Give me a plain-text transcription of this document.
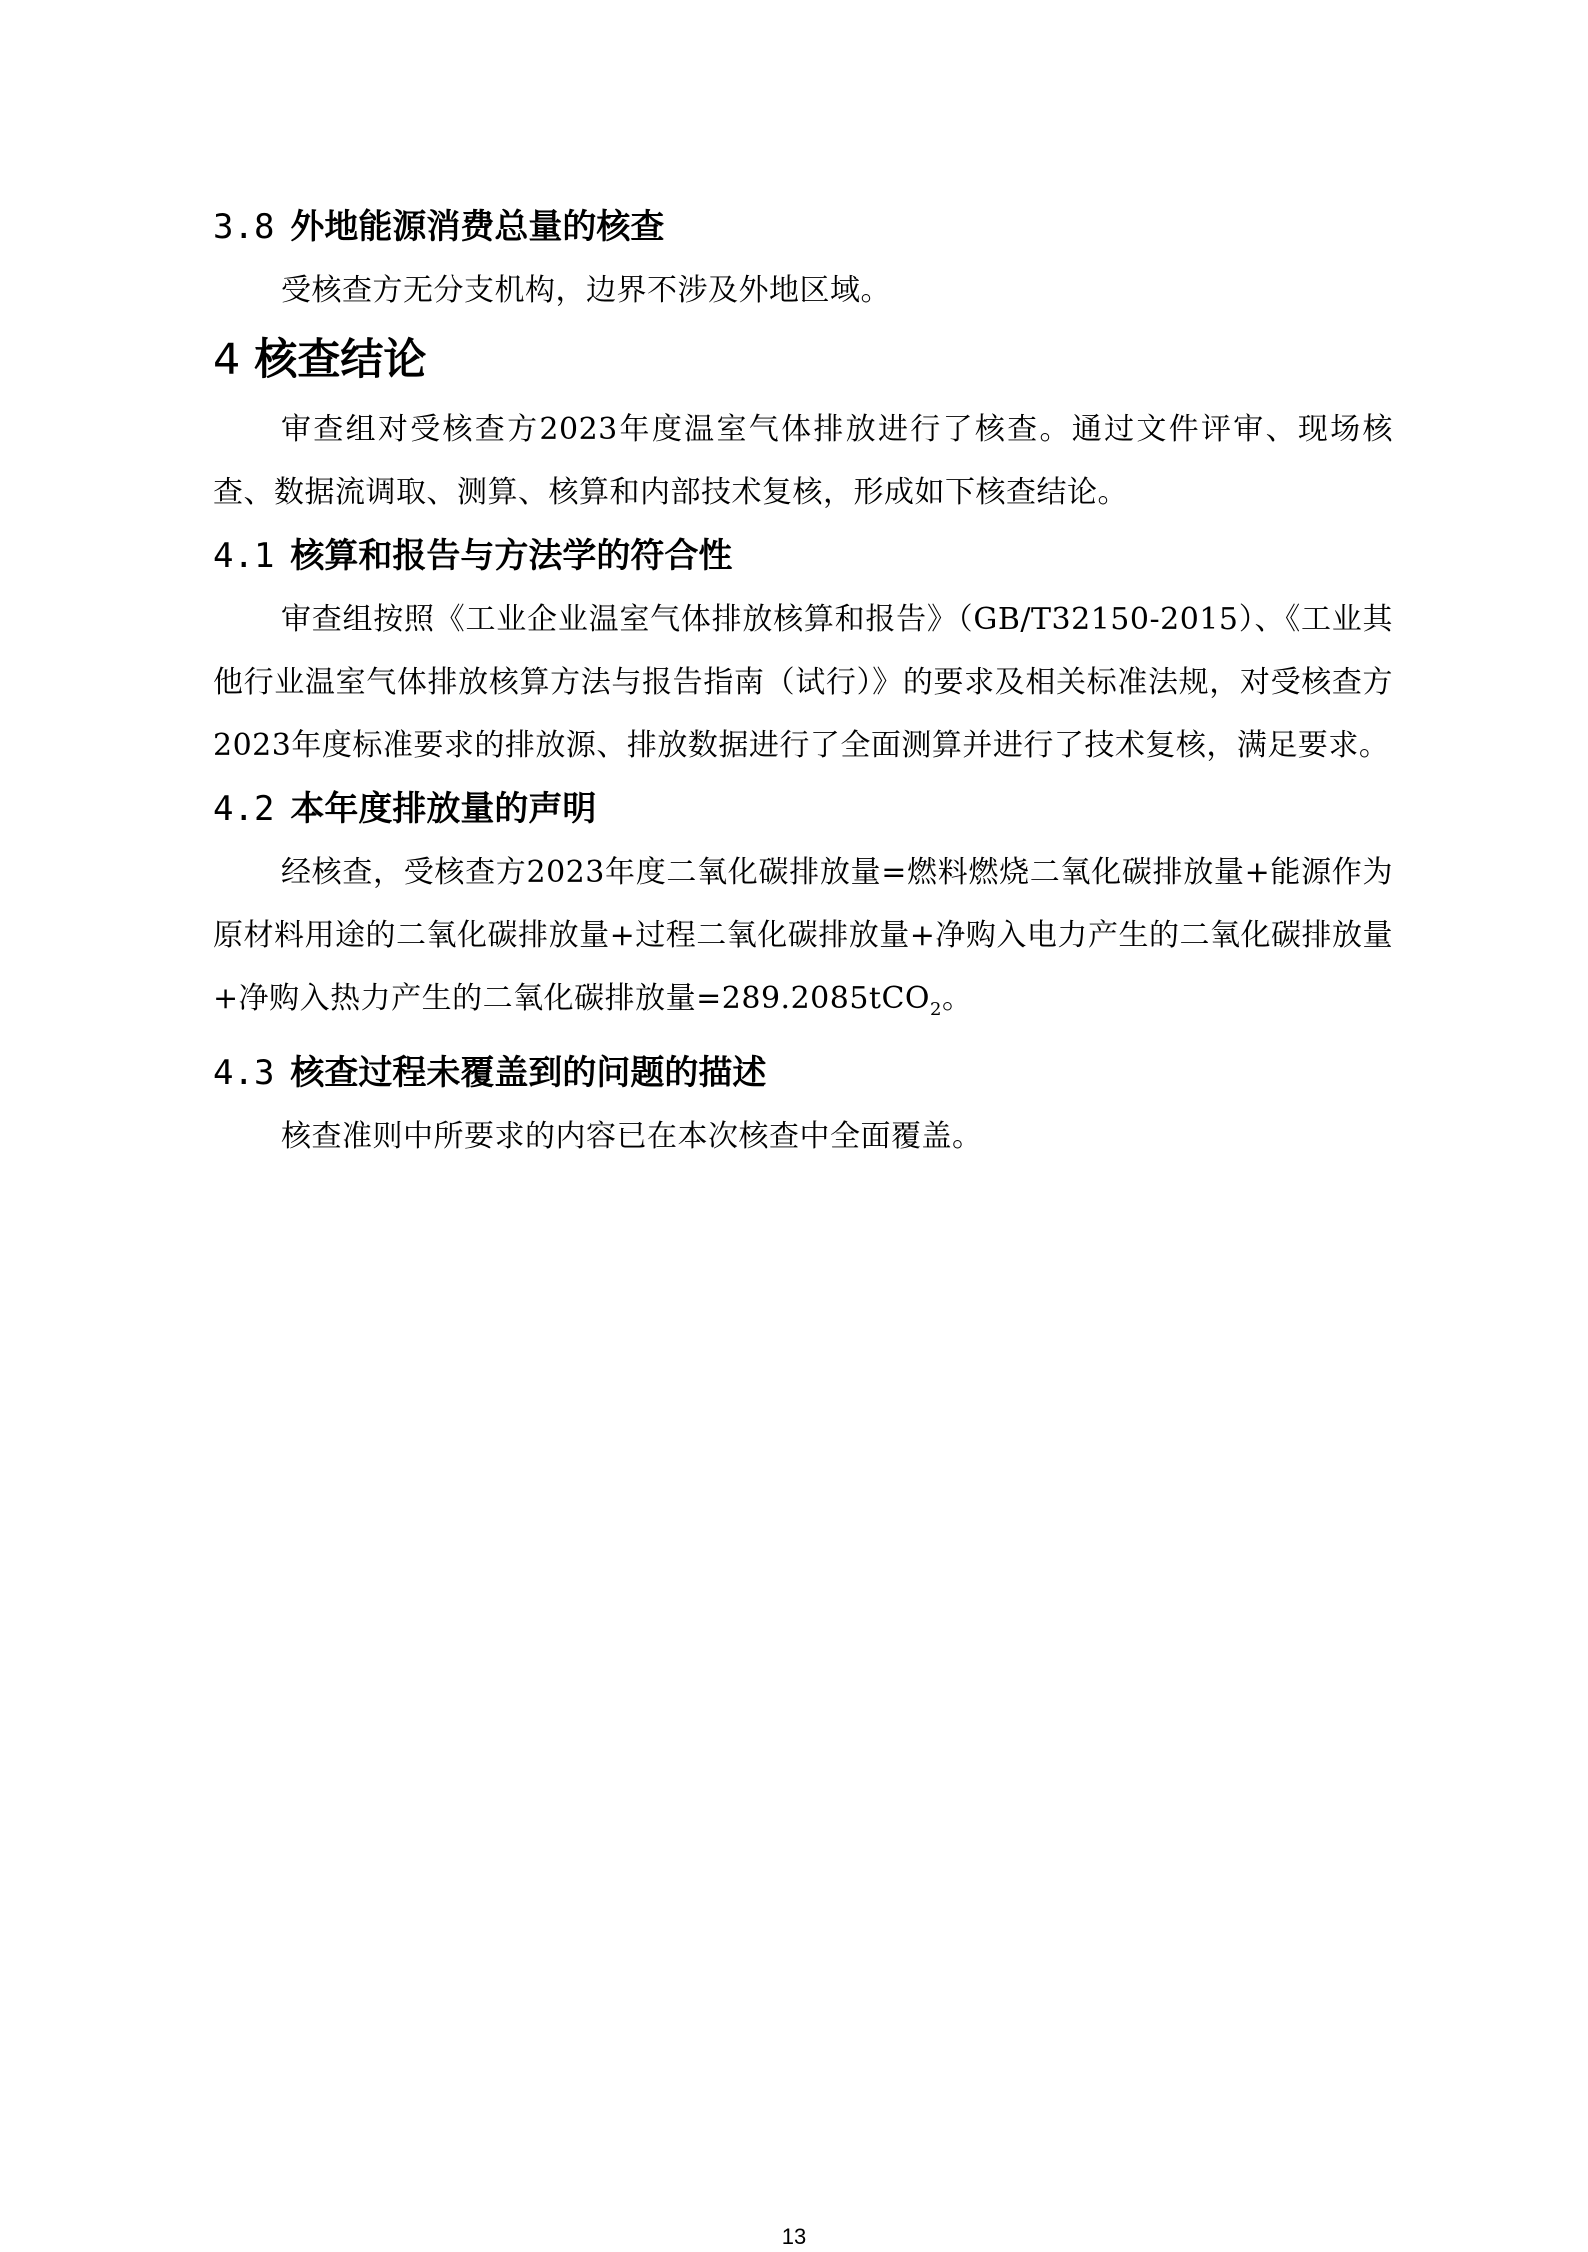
3.8 外地能源消费总量的核查

受核查方无分支机构，边界不涉及外地区域。

4 核查结论

审查组对受核查方2023年度温室气体排放进行了核查。通过文件评审、现场核查、数据流调取、测算、核算和内部技术复核，形成如下核查结论。

4.1 核算和报告与方法学的符合性

审查组按照《工业企业温室气体排放核算和报告》（GB/T32150-2015）、《工业其他行业温室气体排放核算方法与报告指南（试行）》的要求及相关标准法规，对受核查方2023年度标准要求的排放源、排放数据进行了全面测算并进行了技术复核，满足要求。

4.2 本年度排放量的声明

经核查，受核查方2023年度二氧化碳排放量=燃料燃烧二氧化碳排放量+能源作为原材料用途的二氧化碳排放量+过程二氧化碳排放量+净购入电力产生的二氧化碳排放量+净购入热力产生的二氧化碳排放量=289.2085tCO$_2$。

4.3 核查过程未覆盖到的问题的描述

核查准则中所要求的内容已在本次核查中全面覆盖。

13
